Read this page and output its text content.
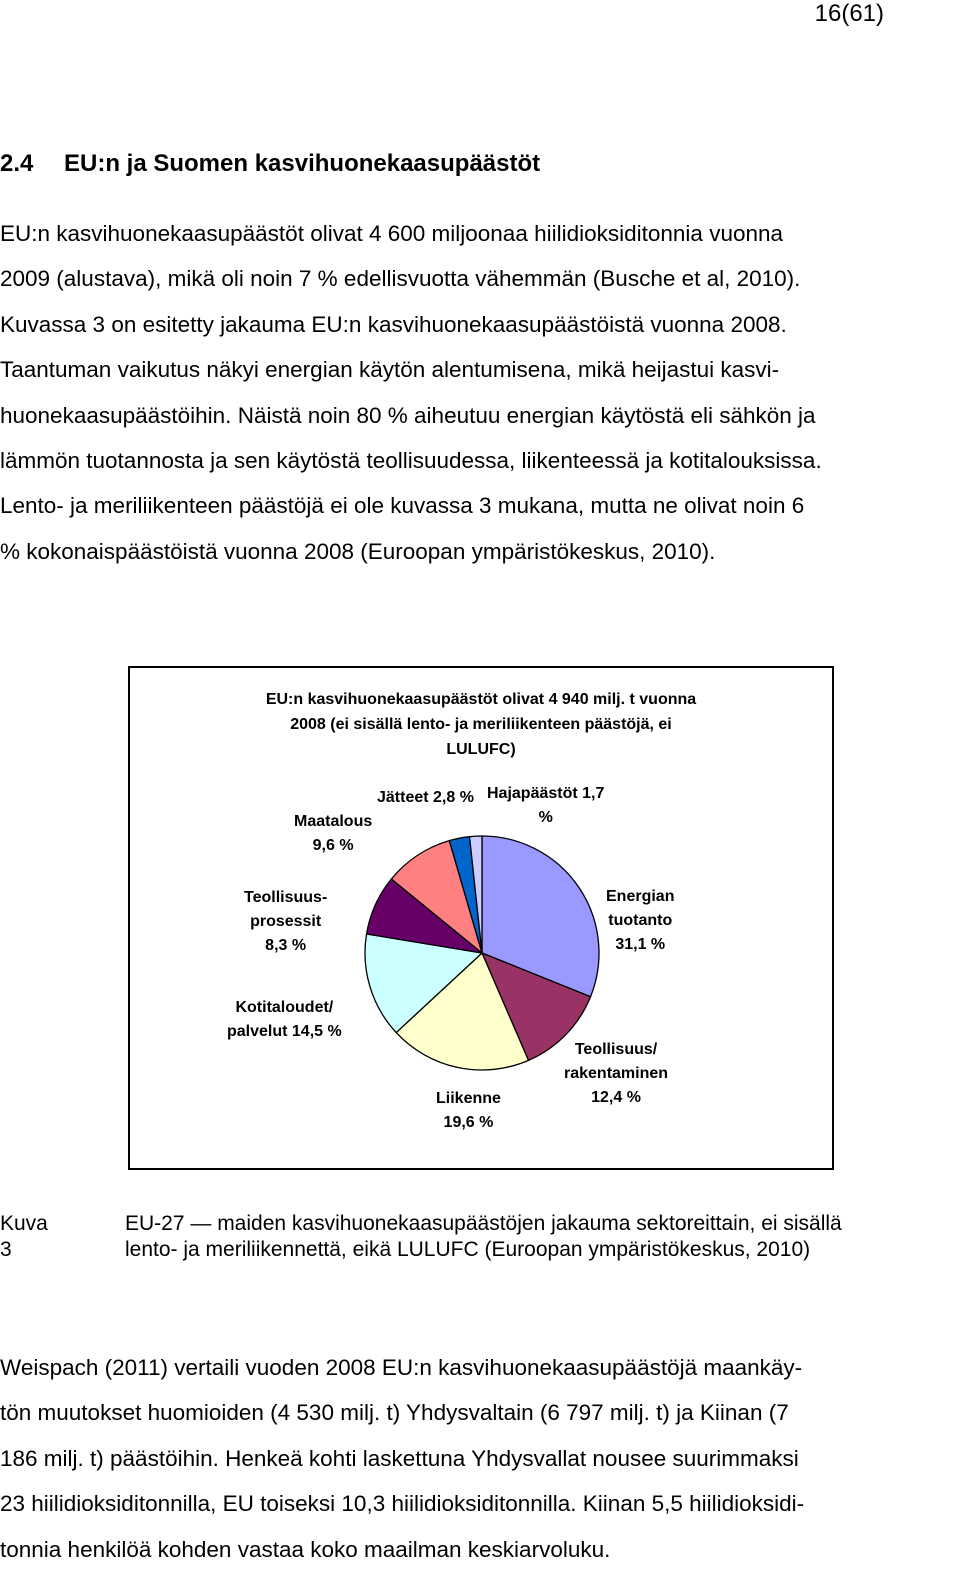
16(61)
2.4 EU:n ja Suomen kasvihuonekaasupäästöt
EU:n kasvihuonekaasupäästöt olivat 4 600 miljoonaa hiilidioksiditonnia vuonna
2009 (alustava), mikä oli noin 7 % edellisvuotta vähemmän (Busche et al, 2010).
Kuvassa 3 on esitetty jakauma EU:n kasvihuonekaasupäästöistä vuonna 2008.
Taantuman vaikutus näkyi energian käytön alentumisena, mikä heijastui kasvi-
huonekaasupäästöihin. Näistä noin 80 % aiheutuu energian käytöstä eli sähkön ja
lämmön tuotannosta ja sen käytöstä teollisuudessa, liikenteessä ja kotitalouksissa.
Lento- ja meriliikenteen päästöjä ei ole kuvassa 3 mukana, mutta ne olivat noin 6
% kokonaispäästöistä vuonna 2008 (Euroopan ympäristökeskus, 2010).
EU:n kasvihuonekaasupäästöt olivat 4 940 milj. t vuonna
2008 (ei sisällä lento- ja meriliikenteen päästöjä, ei
LULUFC)
Energian
tuotanto
31,1 %
Teollisuus/
rakentaminen
12,4 %
Liikenne
19,6 %
Kotitaloudet/
palvelut 14,5 %
Teollisuus-
prosessit
8,3 %
Maatalous
9,6 %
Jätteet 2,8 % Hajapäästöt 1,7
%
Kuva 3
EU-27 — maiden kasvihuonekaasupäästöjen jakauma sektoreittain, ei sisällä
lento- ja meriliikennettä, eikä LULUFC (Euroopan ympäristökeskus, 2010)
Weispach (2011) vertaili vuoden 2008 EU:n kasvihuonekaasupäästöjä maankäy-
tön muutokset huomioiden (4 530 milj. t) Yhdysvaltain (6 797 milj. t) ja Kiinan (7
186 milj. t) päästöihin. Henkeä kohti laskettuna Yhdysvallat nousee suurimmaksi
23 hiilidioksiditonnilla, EU toiseksi 10,3 hiilidioksiditonnilla. Kiinan 5,5 hiilidioksidi-
tonnia henkilöä kohden vastaa koko maailman keskiarvoluku.
